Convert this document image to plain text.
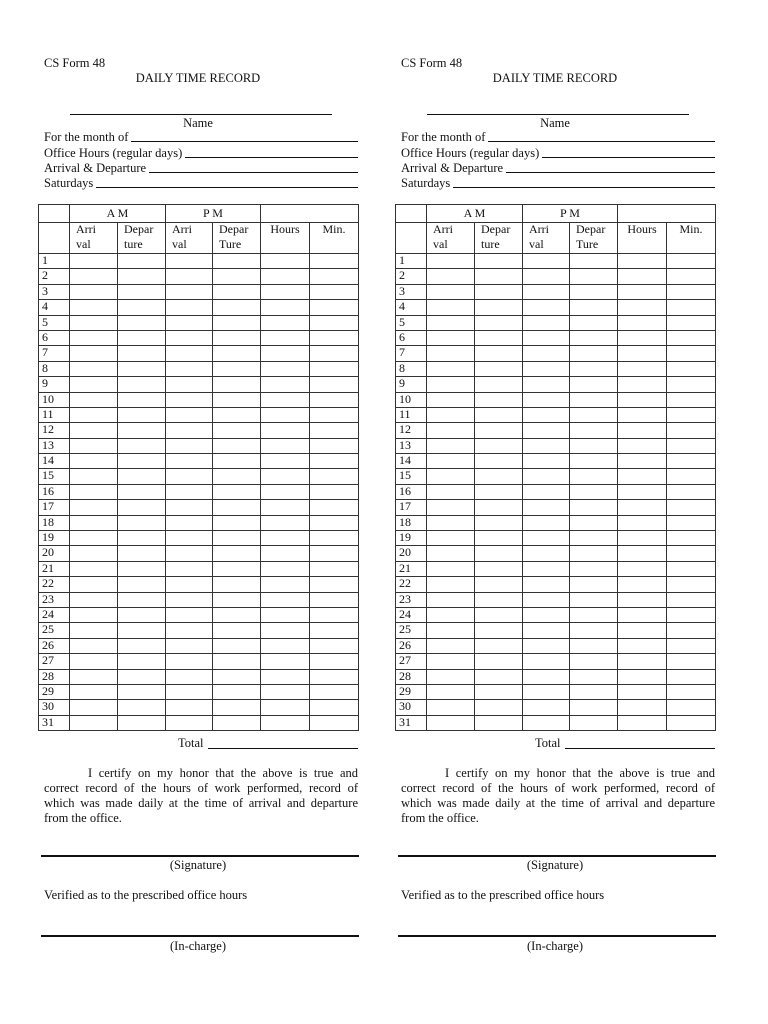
CS Form 48
DAILY TIME RECORD
Name
For the month of
Office Hours (regular days)
Arrival & Departure
Saturdays
	A M		P M			
	Arri	Depar	Arri	Depar	Hours	Min.
	val	ture	val	Ture		
1						
2						
3						
4						
5						
6						
7						
8						
9						
10						
11						
12						
13						
14						
15						
16						
17						
18						
19						
20						
21						
22						
23						
24						
25						
26						
27						
28						
29						
30						
31						
Total
I certify on my honor that the above is true and correct record of the hours of work performed, record of which was made daily at the time of arrival and departure from the office.
(Signature)
Verified as to the prescribed office hours
(In-charge)
CS Form 48
DAILY TIME RECORD
Name
For the month of
Office Hours (regular days)
Arrival & Departure
Saturdays
	A M		P M			
	Arri	Depar	Arri	Depar	Hours	Min.
	val	ture	val	Ture		
1						
2						
3						
4						
5						
6						
7						
8						
9						
10						
11						
12						
13						
14						
15						
16						
17						
18						
19						
20						
21						
22						
23						
24						
25						
26						
27						
28						
29						
30						
31						
Total
I certify on my honor that the above is true and correct record of the hours of work performed, record of which was made daily at the time of arrival and departure from the office.
(Signature)
Verified as to the prescribed office hours
(In-charge)
